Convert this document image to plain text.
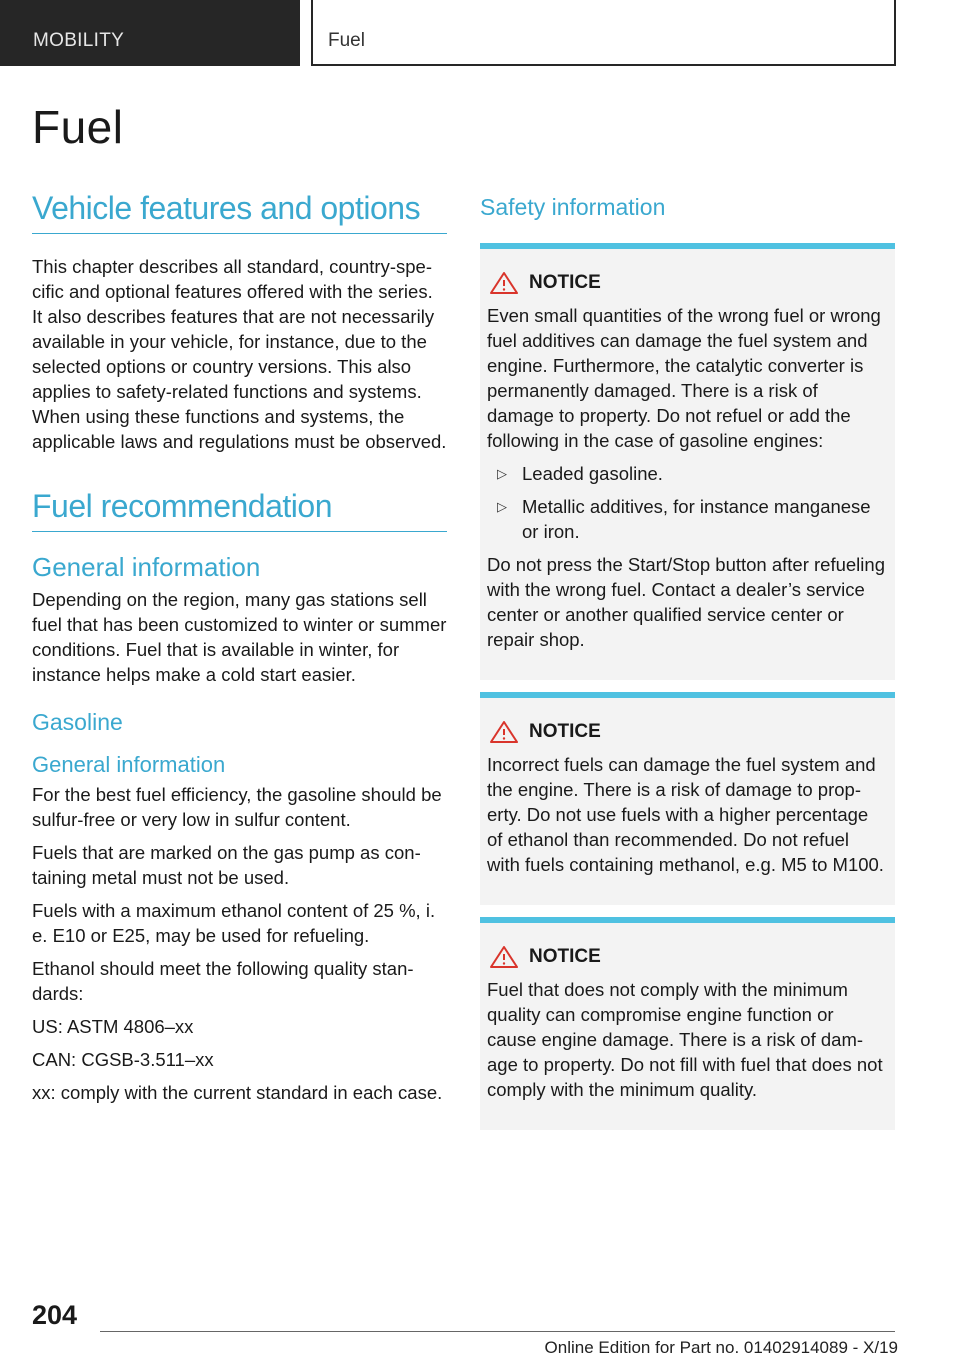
MOBILITY	Fuel
Fuel
Vehicle features and options

This chapter describes all standard, country-specific and optional features offered with the series. It also describes features that are not necessarily available in your vehicle, for instance, due to the selected options or country versions. This also applies to safety-related functions and systems. When using these functions and systems, the applicable laws and regulations must be observed.

Fuel recommendation
General information

Depending on the region, many gas stations sell fuel that has been customized to winter or summer conditions. Fuel that is available in winter, for instance helps make a cold start easier.

Gasoline
General information

For the best fuel efficiency, the gasoline should be sulfur-free or very low in sulfur content.

Fuels that are marked on the gas pump as containing metal must not be used.

Fuels with a maximum ethanol content of 25 %, i. e. E10 or E25, may be used for refueling.

Ethanol should meet the following quality standards:

US: ASTM 4806–xx

CAN: CGSB-3.511–xx

xx: comply with the current standard in each case.

Safety information
NOTICE

Even small quantities of the wrong fuel or wrong fuel additives can damage the fuel system and engine. Furthermore, the catalytic converter is permanently damaged. There is a risk of damage to property. Do not refuel or add the following in the case of gasoline engines:

▷ Leaded gasoline.
▷ Metallic additives, for instance manganese or iron.

Do not press the Start/Stop button after refueling with the wrong fuel. Contact a dealer’s service center or another qualified service center or repair shop.

NOTICE

Incorrect fuels can damage the fuel system and the engine. There is a risk of damage to property. Do not use fuels with a higher percentage of ethanol than recommended. Do not refuel with fuels containing methanol, e.g. M5 to M100.

NOTICE

Fuel that does not comply with the minimum quality can compromise engine function or cause engine damage. There is a risk of damage to property. Do not fill with fuel that does not comply with the minimum quality.

204
Online Edition for Part no. 01402914089 - X/19
